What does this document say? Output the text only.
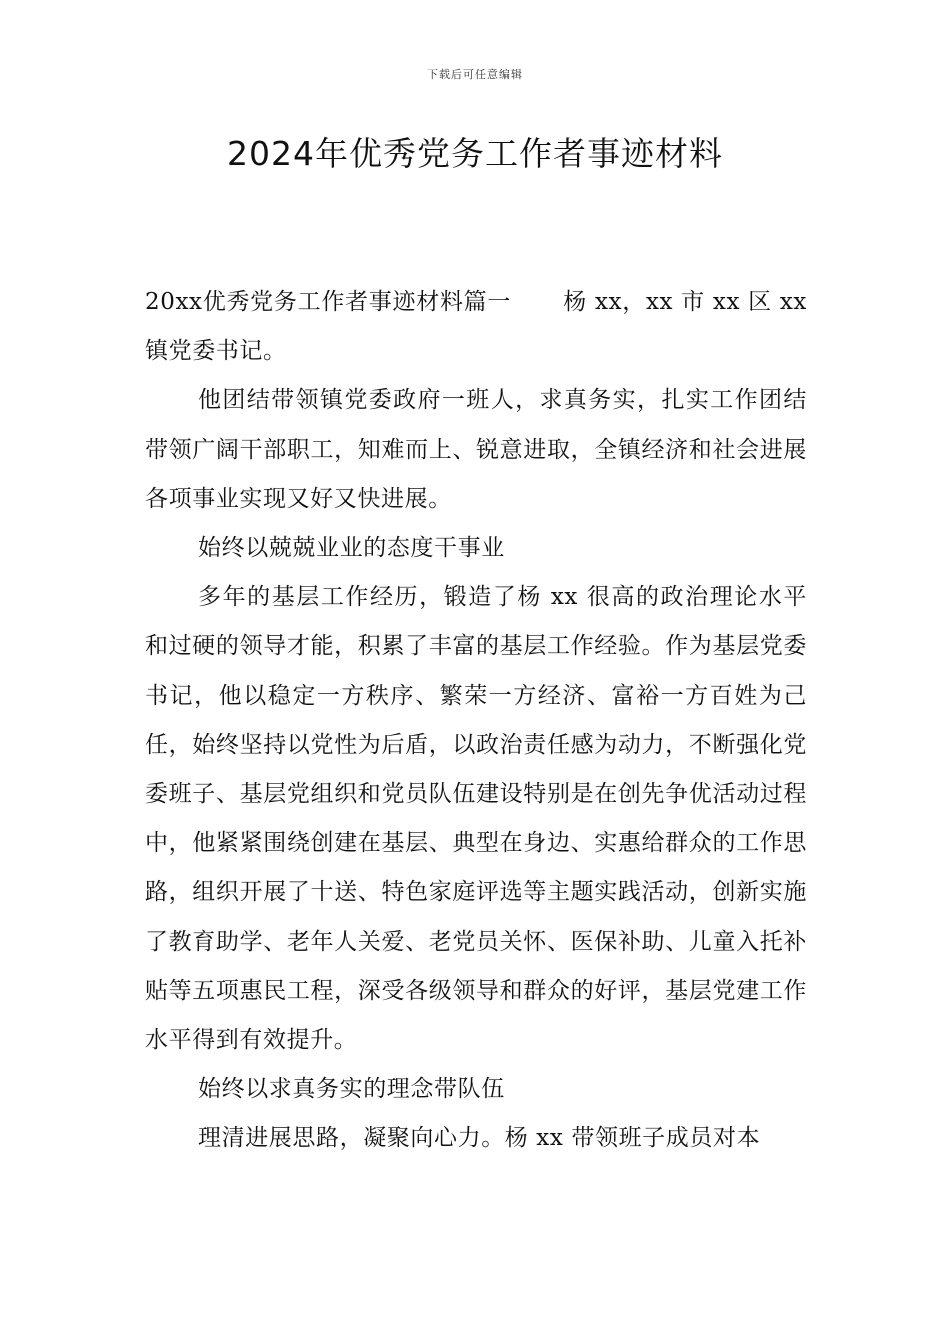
下载后可任意编辑
2024年优秀党务工作者事迹材料

20xx优秀党务工作者事迹材料篇一 杨 xx，xx 市 xx 区 xx 镇党委书记。

他团结带领镇党委政府一班人，求真务实，扎实工作团结带领广阔干部职工，知难而上、锐意进取，全镇经济和社会进展各项事业实现又好又快进展。

始终以兢兢业业的态度干事业

多年的基层工作经历，锻造了杨 xx 很高的政治理论水平和过硬的领导才能，积累了丰富的基层工作经验。作为基层党委书记，他以稳定一方秩序、繁荣一方经济、富裕一方百姓为己任，始终坚持以党性为后盾，以政治责任感为动力，不断强化党委班子、基层党组织和党员队伍建设特别是在创先争优活动过程中，他紧紧围绕创建在基层、典型在身边、实惠给群众的工作思路，组织开展了十送、特色家庭评选等主题实践活动，创新实施了教育助学、老年人关爱、老党员关怀、医保补助、儿童入托补贴等五项惠民工程，深受各级领导和群众的好评，基层党建工作水平得到有效提升。

始终以求真务实的理念带队伍

理清进展思路，凝聚向心力。杨 xx 带领班子成员对本
